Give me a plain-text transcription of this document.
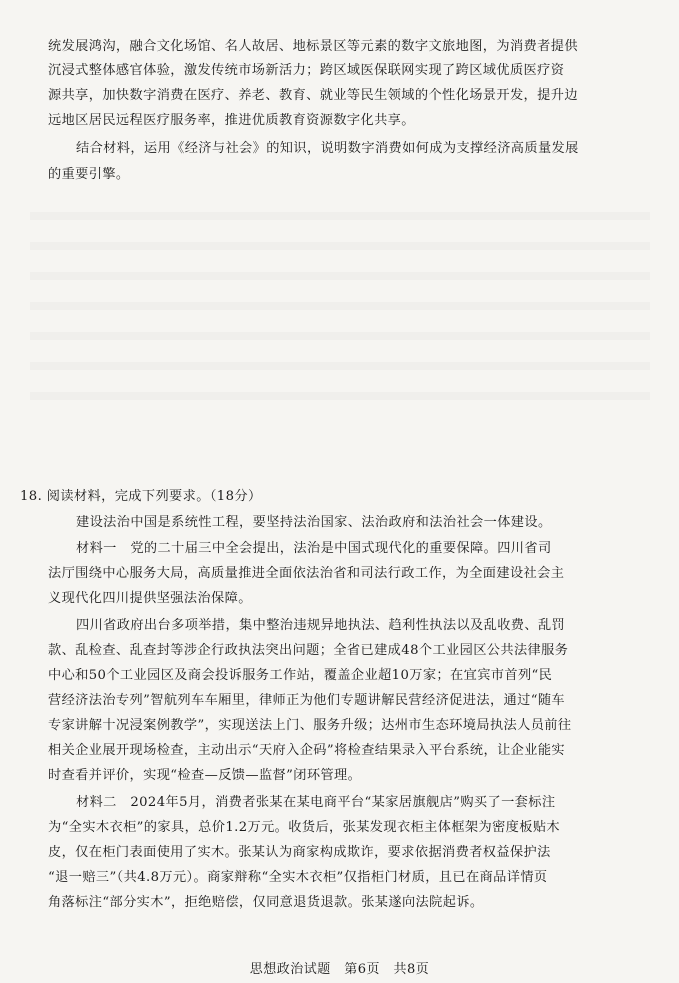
统发展鸿沟，融合文化场馆、名人故居、地标景区等元素的数字文旅地图，为消费者提供
沉浸式整体感官体验，激发传统市场新活力；跨区域医保联网实现了跨区域优质医疗资
源共享，加快数字消费在医疗、养老、教育、就业等民生领域的个性化场景开发，提升边
远地区居民远程医疗服务率，推进优质教育资源数字化共享。
结合材料，运用《经济与社会》的知识，说明数字消费如何成为支撑经济高质量发展
的重要引擎。
18. 阅读材料，完成下列要求。（18分）
建设法治中国是系统性工程，要坚持法治国家、法治政府和法治社会一体建设。
材料一　党的二十届三中全会提出，法治是中国式现代化的重要保障。四川省司
法厅围绕中心服务大局，高质量推进全面依法治省和司法行政工作，为全面建设社会主
义现代化四川提供坚强法治保障。
四川省政府出台多项举措，集中整治违规异地执法、趋利性执法以及乱收费、乱罚
款、乱检查、乱查封等涉企行政执法突出问题；全省已建成48个工业园区公共法律服务
中心和50个工业园区及商会投诉服务工作站，覆盖企业超10万家；在宜宾市首列“民
营经济法治专列”智航列车车厢里，律师正为他们专题讲解民营经济促进法，通过“随车
专家讲解十况浸案例教学”，实现送法上门、服务升级；达州市生态环境局执法人员前往
相关企业展开现场检查，主动出示“天府入企码”将检查结果录入平台系统，让企业能实
时查看并评价，实现“检查—反馈—监督”闭环管理。
材料二　2024年5月，消费者张某在某电商平台“某家居旗舰店”购买了一套标注
为“全实木衣柜”的家具，总价1.2万元。收货后，张某发现衣柜主体框架为密度板贴木
皮，仅在柜门表面使用了实木。张某认为商家构成欺诈，要求依据消费者权益保护法
“退一赔三”（共4.8万元）。商家辩称“全实木衣柜”仅指柜门材质，且已在商品详情页
角落标注“部分实木”，拒绝赔偿，仅同意退货退款。张某遂向法院起诉。
思想政治试题　第6页　共8页
